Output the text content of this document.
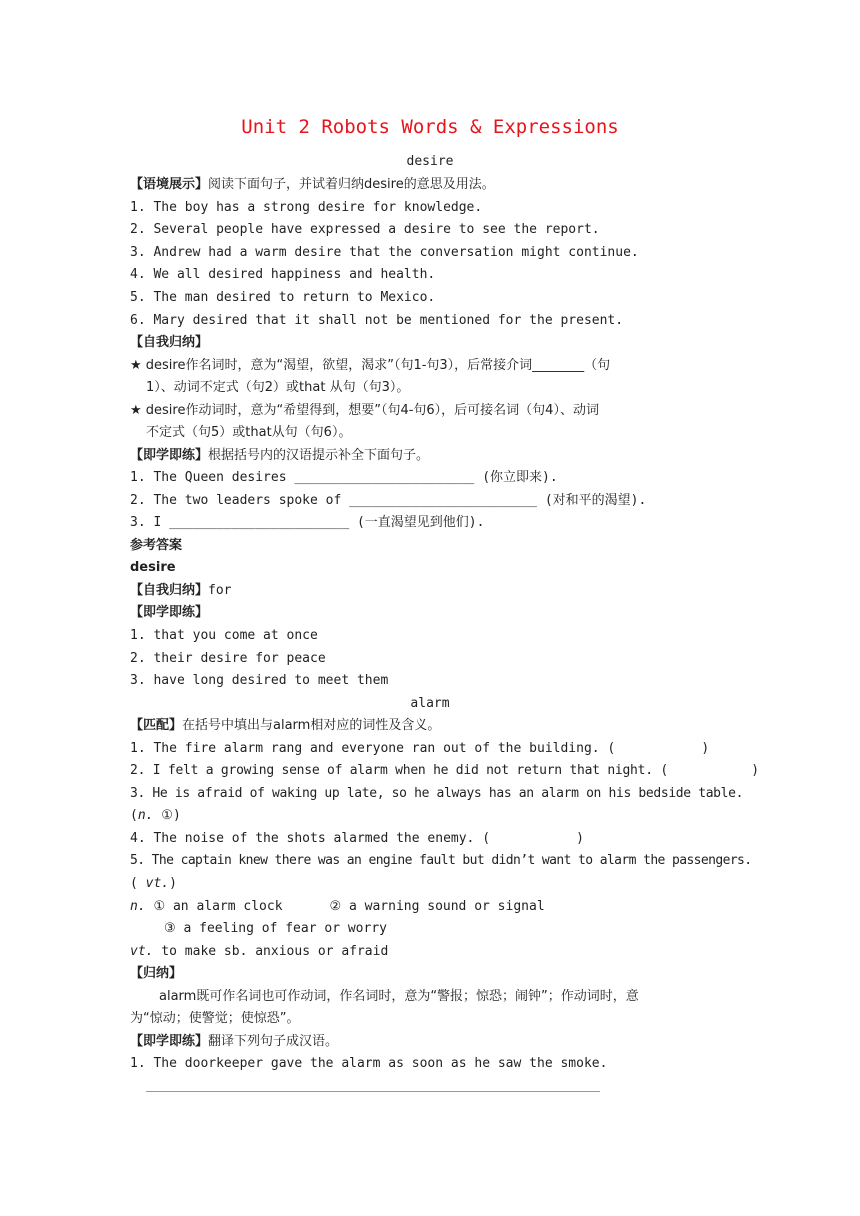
Unit 2 Robots Words & Expressions
desire
【语境展示】阅读下面句子，并试着归纳desire的意思及用法。
1. The boy has a strong desire for knowledge.
2. Several people have expressed a desire to see the report.
3. Andrew had a warm desire that the conversation might continue.
4. We all desired happiness and health.
5. The man desired to return to Mexico.
6. Mary desired that it shall not be mentioned for the present.
【自我归纳】
★ desire作名词时，意为“渴望，欲望，渴求”（句1-句3），后常接介词________（句
1）、动词不定式（句2）或that 从句（句3）。
★ desire作动词时，意为“希望得到，想要”（句4-句6），后可接名词（句4）、动词
不定式（句5）或that从句（句6）。
【即学即练】根据括号内的汉语提示补全下面句子。
1. The Queen desires _______________________ (你立即来).
2. The two leaders spoke of ________________________ (对和平的渴望).
3. I _______________________ (一直渴望见到他们).
参考答案
desire
【自我归纳】for
【即学即练】
1. that you come at once
2. their desire for peace
3. have long desired to meet them
alarm
【匹配】在括号中填出与alarm相对应的词性及含义。
1. The fire alarm rang and everyone ran out of the building. (           )
2. I felt a growing sense of alarm when he did not return that night. (           )
3. He is afraid of waking up late, so he always has an alarm on his bedside table.
(n. ①)
4. The noise of the shots alarmed the enemy. (           )
5. The captain knew there was an engine fault but didn’t want to alarm the passengers.
( vt.)
n. ① an alarm clock      ② a warning sound or signal
③ a feeling of fear or worry
vt. to make sb. anxious or afraid
【归纳】
alarm既可作名词也可作动词，作名词时，意为“警报；惊恐；闹钟”；作动词时，意
为“惊动；使警觉；使惊恐”。
【即学即练】翻译下列句子成汉语。
1. The doorkeeper gave the alarm as soon as he saw the smoke.
